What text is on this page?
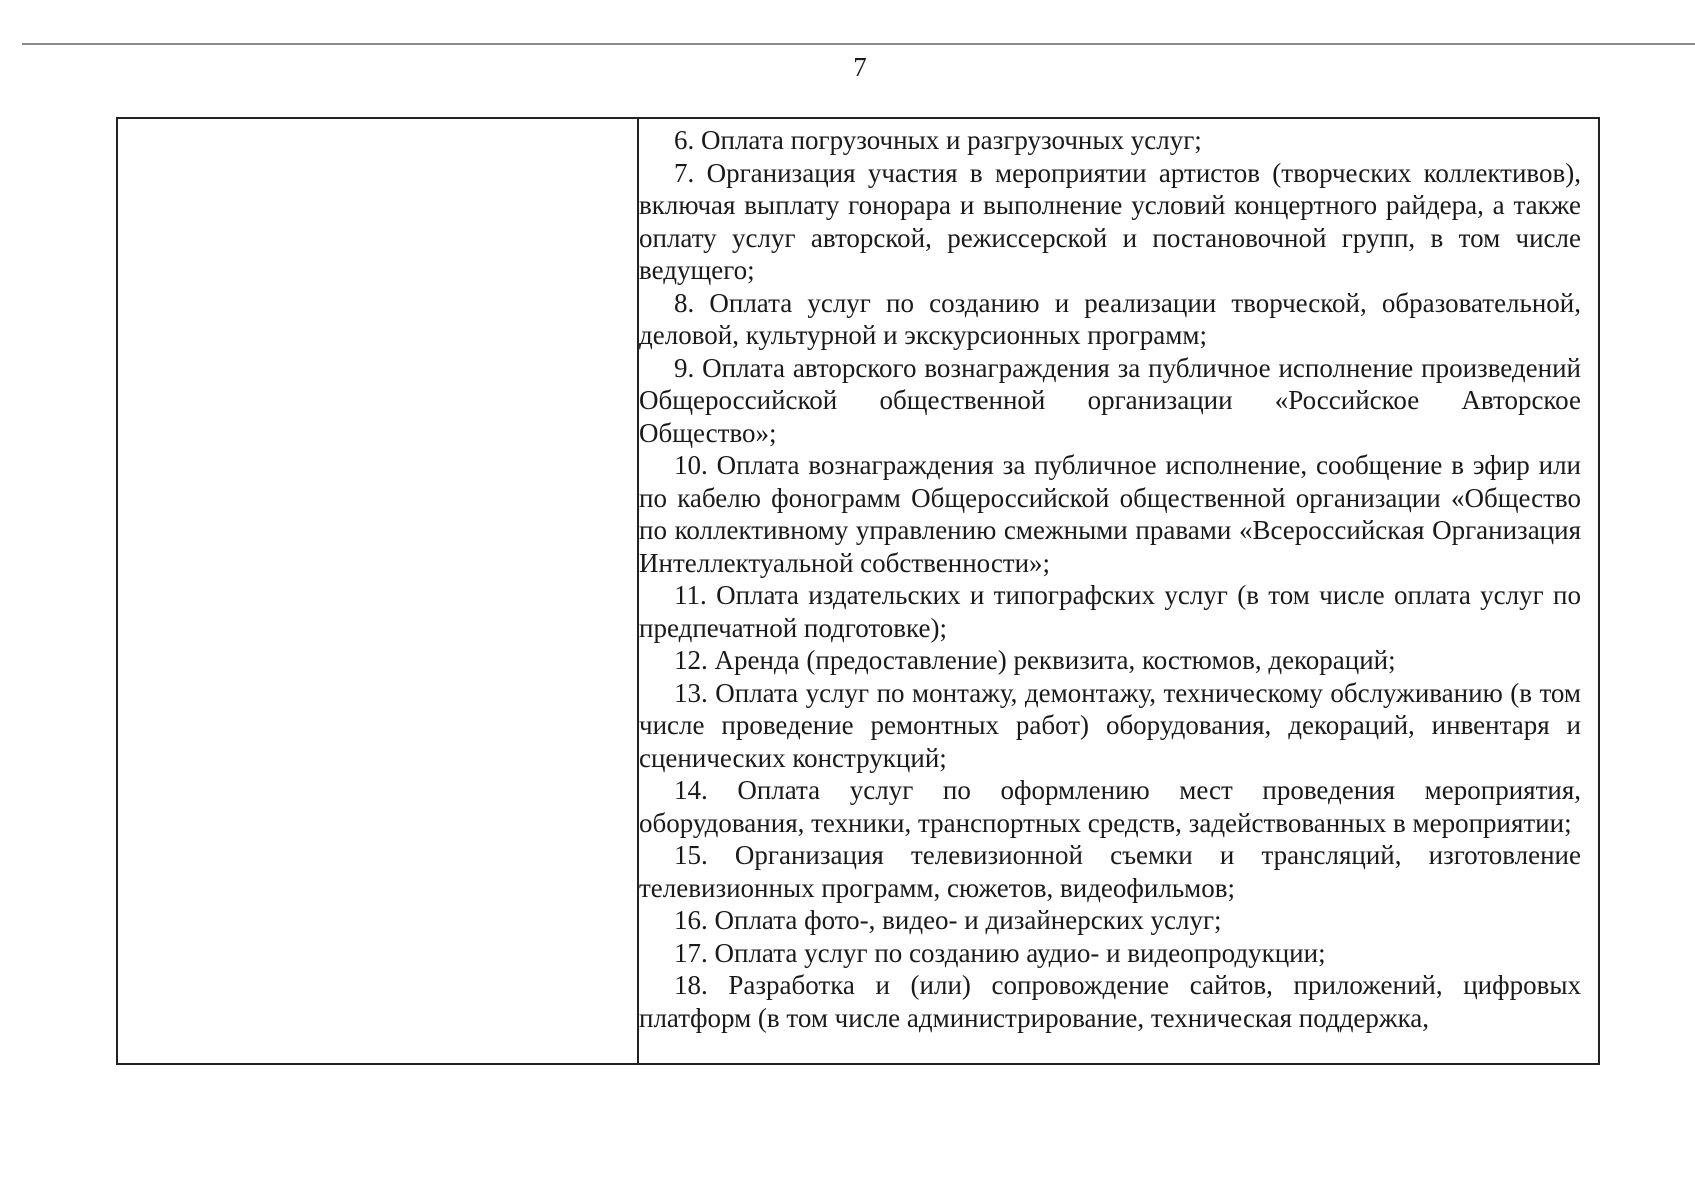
7

6. Оплата погрузочных и разгрузочных услуг;

7. Организация участия в мероприятии артистов (творческих коллективов), включая выплату гонорара и выполнение условий концертного райдера, а также оплату услуг авторской, режиссерской и постановочной групп, в том числе ведущего;

8. Оплата услуг по созданию и реализации творческой, образовательной, деловой, культурной и экскурсионных программ;

9. Оплата авторского вознаграждения за публичное исполнение произведений Общероссийской общественной организации «Российское Авторское Общество»;

10. Оплата вознаграждения за публичное исполнение, сообщение в эфир или по кабелю фонограмм Общероссийской общественной организации «Общество по коллективному управлению смежными правами «Всероссийская Организация Интеллектуальной собственности»;

11. Оплата издательских и типографских услуг (в том числе оплата услуг по предпечатной подготовке);

12. Аренда (предоставление) реквизита, костюмов, декораций;

13. Оплата услуг по монтажу, демонтажу, техническому обслуживанию (в том числе проведение ремонтных работ) оборудования, декораций, инвентаря и сценических конструкций;

14. Оплата услуг по оформлению мест проведения мероприятия, оборудования, техники, транспортных средств, задействованных в мероприятии;

15. Организация телевизионной съемки и трансляций, изготовление телевизионных программ, сюжетов, видеофильмов;

16. Оплата фото-, видео- и дизайнерских услуг;

17. Оплата услуг по созданию аудио- и видеопродукции;

18. Разработка и (или) сопровождение сайтов, приложений, цифровых платформ (в том числе администрирование, техническая поддержка,
